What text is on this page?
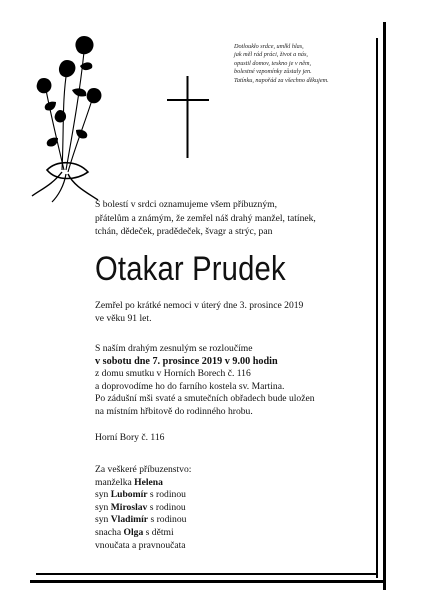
Dotloukło srdce, umlkl hlas,
jak měl rád práci, život a nás,
opustil domov, teskno je v něm,
bolestné vzpomínky zůstaly jen.
Tatínku, napořád za všechno děkujem.
S bolestí v srdci oznamujeme všem příbuzným,
přátelům a známým, že zemřel náš drahý manžel, tatínek,
tchán, dědeček, pradědeček, švagr a strýc, pan
Otakar Prudek
Zemřel po krátké nemoci v úterý dne 3. prosince 2019
ve věku 91 let.
S naším drahým zesnulým se rozloučíme
v sobotu dne 7. prosince 2019 v 9.00 hodin
z domu smutku v Horních Borech č. 116
a doprovodíme ho do farního kostela sv. Martina.
Po zádušní mši svaté a smutečních obřadech bude uložen
na místním hřbitově do rodinného hrobu.
Horní Bory č. 116
Za veškeré příbuzenstvo:
manželka Helena
syn Lubomír s rodinou
syn Miroslav s rodinou
syn Vladimír s rodinou
snacha Olga s dětmi
vnoučata a pravnoučata
